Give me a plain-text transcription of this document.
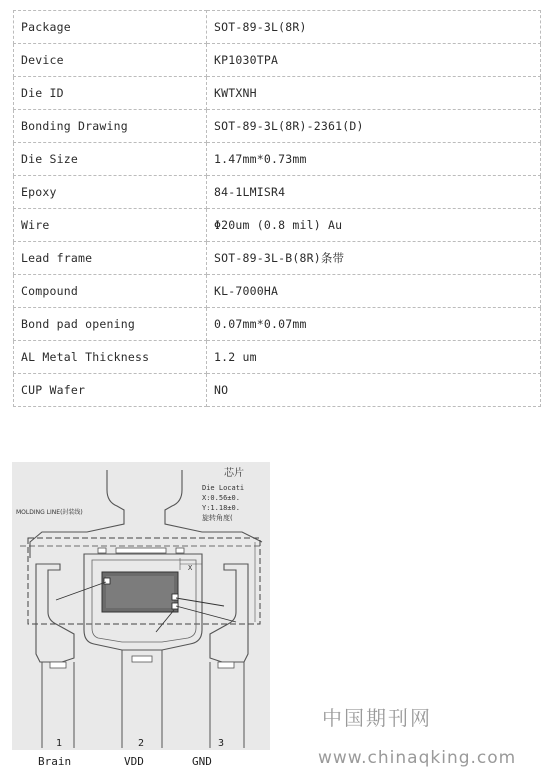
Package	SOT-89-3L(8R)
Device	KP1030TPA
Die ID	KWTXNH
Bonding Drawing	SOT-89-3L(8R)-2361(D)
Die Size	1.47mm*0.73mm
Epoxy	84-1LMISR4
Wire	Φ20um (0.8 mil) Au
Lead frame	SOT-89-3L-B(8R)条带
Compound	KL-7000HA
Bond pad opening	0.07mm*0.07mm
AL Metal Thickness	1.2 um
CUP Wafer	NO
MOLDING LINE(封装线)
芯片
Die Locati
X:0.56±0.
Y:1.18±0.
旋转角度(
X
1	2	3
Brain	VDD	GND
中国期刊网
www.chinaqking.com
